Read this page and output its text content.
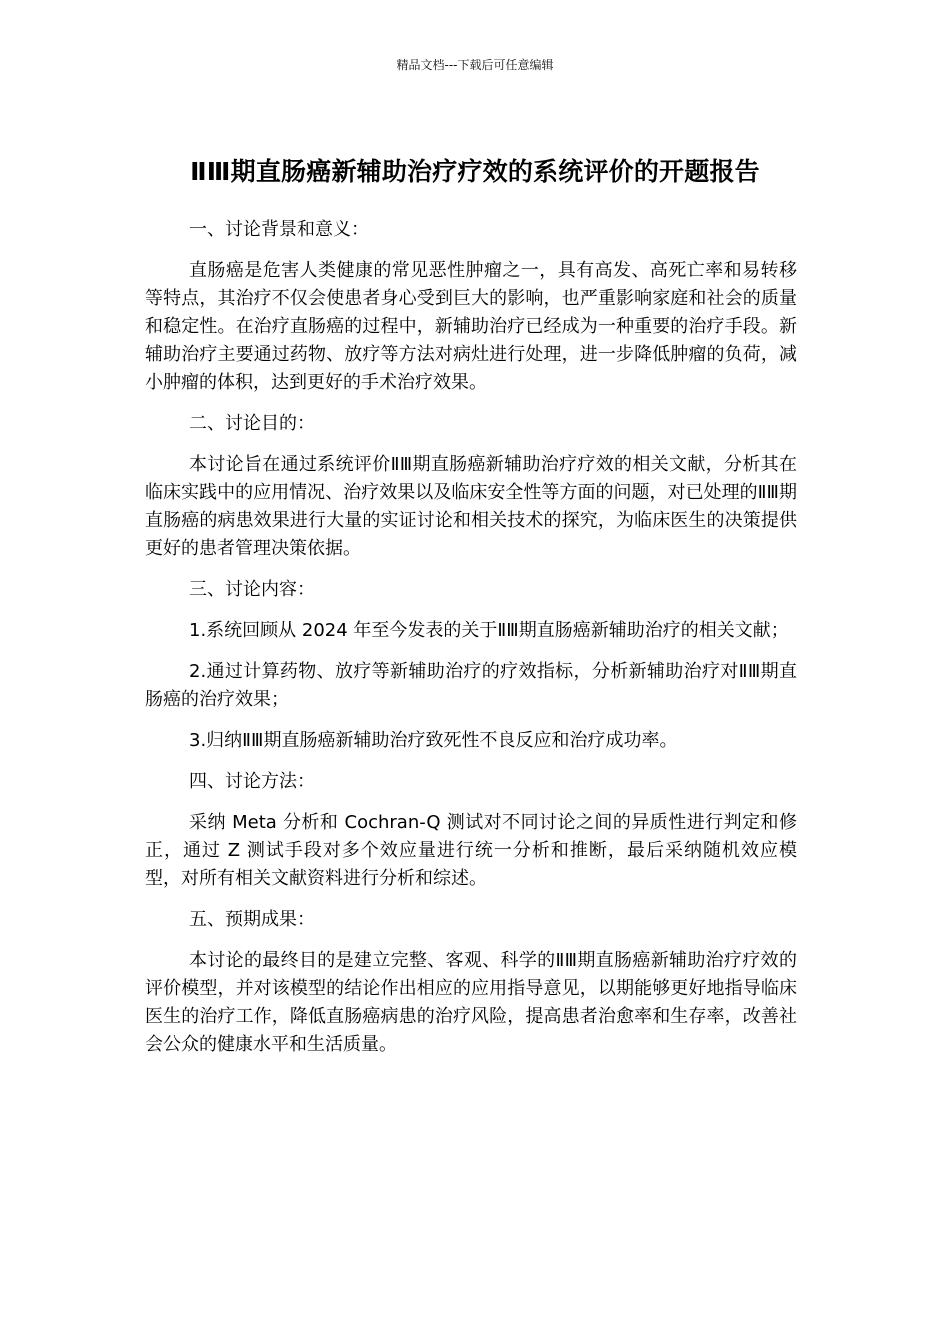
精品文档---下载后可任意编辑
ⅡⅢ期直肠癌新辅助治疗疗效的系统评价的开题报告

一、讨论背景和意义：

直肠癌是危害人类健康的常见恶性肿瘤之一，具有高发、高死亡率和易转移等特点，其治疗不仅会使患者身心受到巨大的影响，也严重影响家庭和社会的质量和稳定性。在治疗直肠癌的过程中，新辅助治疗已经成为一种重要的治疗手段。新辅助治疗主要通过药物、放疗等方法对病灶进行处理，进一步降低肿瘤的负荷，减小肿瘤的体积，达到更好的手术治疗效果。

二、讨论目的：

本讨论旨在通过系统评价ⅡⅢ期直肠癌新辅助治疗疗效的相关文献，分析其在临床实践中的应用情况、治疗效果以及临床安全性等方面的问题，对已处理的ⅡⅢ期直肠癌的病患效果进行大量的实证讨论和相关技术的探究，为临床医生的决策提供更好的患者管理决策依据。

三、讨论内容：

1.系统回顾从 2024 年至今发表的关于ⅡⅢ期直肠癌新辅助治疗的相关文献；

2.通过计算药物、放疗等新辅助治疗的疗效指标，分析新辅助治疗对ⅡⅢ期直肠癌的治疗效果；

3.归纳ⅡⅢ期直肠癌新辅助治疗致死性不良反应和治疗成功率。

四、讨论方法：

采纳 Meta 分析和 Cochran-Q 测试对不同讨论之间的异质性进行判定和修正，通过 Z 测试手段对多个效应量进行统一分析和推断，最后采纳随机效应模型，对所有相关文献资料进行分析和综述。

五、预期成果：

本讨论的最终目的是建立完整、客观、科学的ⅡⅢ期直肠癌新辅助治疗疗效的评价模型，并对该模型的结论作出相应的应用指导意见，以期能够更好地指导临床医生的治疗工作，降低直肠癌病患的治疗风险，提高患者治愈率和生存率，改善社会公众的健康水平和生活质量。
